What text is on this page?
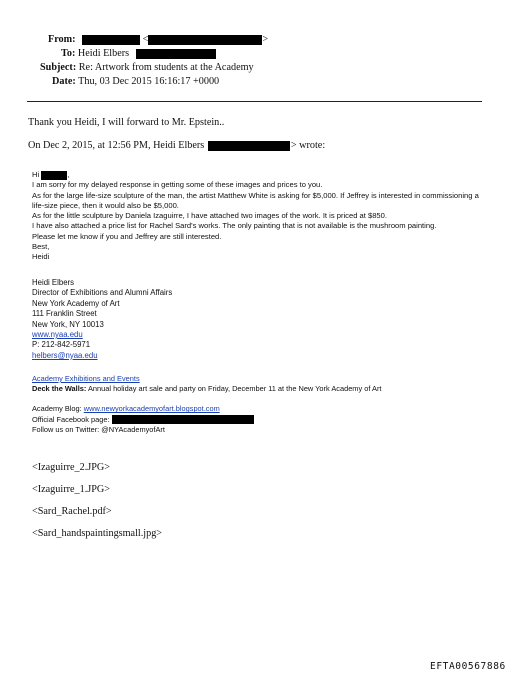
From:	<	>
To: Heidi Elbers
Subject: Re: Artwork from students at the Academy
Date: Thu, 03 Dec 2015 16:16:17 +0000
Thank you Heidi, I will forward to Mr. Epstein..
On Dec 2, 2015, at 12:56 PM, Heidi Elbers	> wrote:
Hi	,
I am sorry for my delayed response in getting some of these images and prices to you.
As for the large life-size sculpture of the man, the artist Matthew White is asking for $5,000. If Jeffrey is interested in commissioning a
life-size piece, then it would also be $5,000.
As for the little sculpture by Daniela Izaguirre, I have attached two images of the work. It is priced at $850.
I have also attached a price list for Rachel Sard's works. The only painting that is not available is the mushroom painting.
Please let me know if you and Jeffrey are still interested.
Best,
Heidi
Heidi Elbers
Director of Exhibitions and Alumni Affairs
New York Academy of Art
111 Franklin Street
New York, NY 10013
www.nyaa.edu
P: 212-842-5971
helbers@nyaa.edu
Academy Exhibitions and Events
Deck the Walls: Annual holiday art sale and party on Friday, December 11 at the New York Academy of Art
Academy Blog: www.newyorkacademyofart.blogspot.com
Official Facebook page:
Follow us on Twitter: @NYAcademyofArt
<Izaguirre_2.JPG>
<Izaguirre_1.JPG>
<Sard_Rachel.pdf>
<Sard_handspaintingsmall.jpg>
EFTA00567886
